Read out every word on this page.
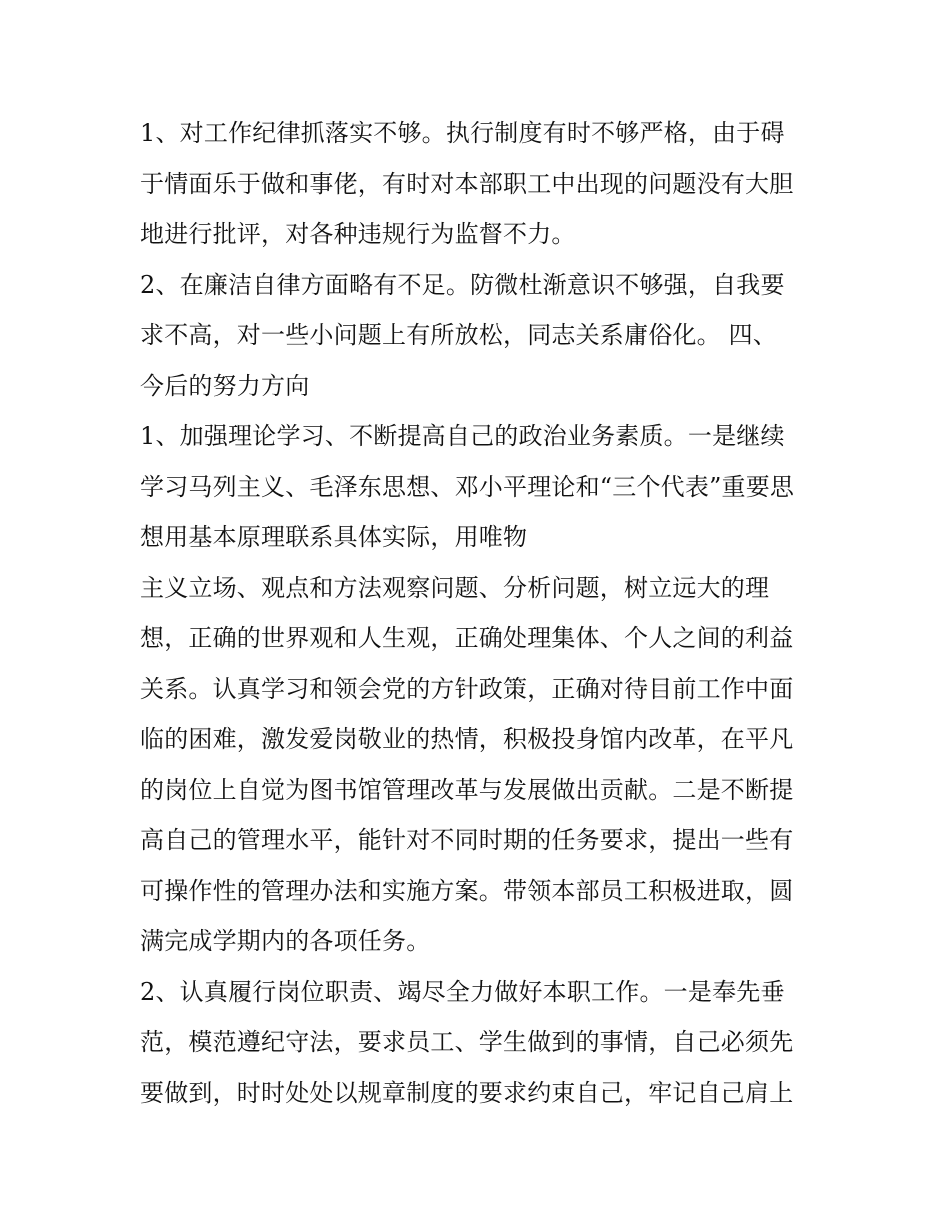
1、对工作纪律抓落实不够。执行制度有时不够严格，由于碍
于情面乐于做和事佬，有时对本部职工中出现的问题没有大胆
地进行批评，对各种违规行为监督不力。
2、在廉洁自律方面略有不足。防微杜渐意识不够强，自我要
求不高，对一些小问题上有所放松，同志关系庸俗化。 四、
今后的努力方向
1、加强理论学习、不断提高自己的政治业务素质。一是继续
学习马列主义、毛泽东思想、邓小平理论和“三个代表”重要思
想用基本原理联系具体实际，用唯物
主义立场、观点和方法观察问题、分析问题，树立远大的理
想，正确的世界观和人生观，正确处理集体、个人之间的利益
关系。认真学习和领会党的方针政策，正确对待目前工作中面
临的困难，激发爱岗敬业的热情，积极投身馆内改革，在平凡
的岗位上自觉为图书馆管理改革与发展做出贡献。二是不断提
高自己的管理水平，能针对不同时期的任务要求，提出一些有
可操作性的管理办法和实施方案。带领本部员工积极进取，圆
满完成学期内的各项任务。
2、认真履行岗位职责、竭尽全力做好本职工作。一是奉先垂
范，模范遵纪守法，要求员工、学生做到的事情，自己必须先
要做到，时时处处以规章制度的要求约束自己，牢记自己肩上
